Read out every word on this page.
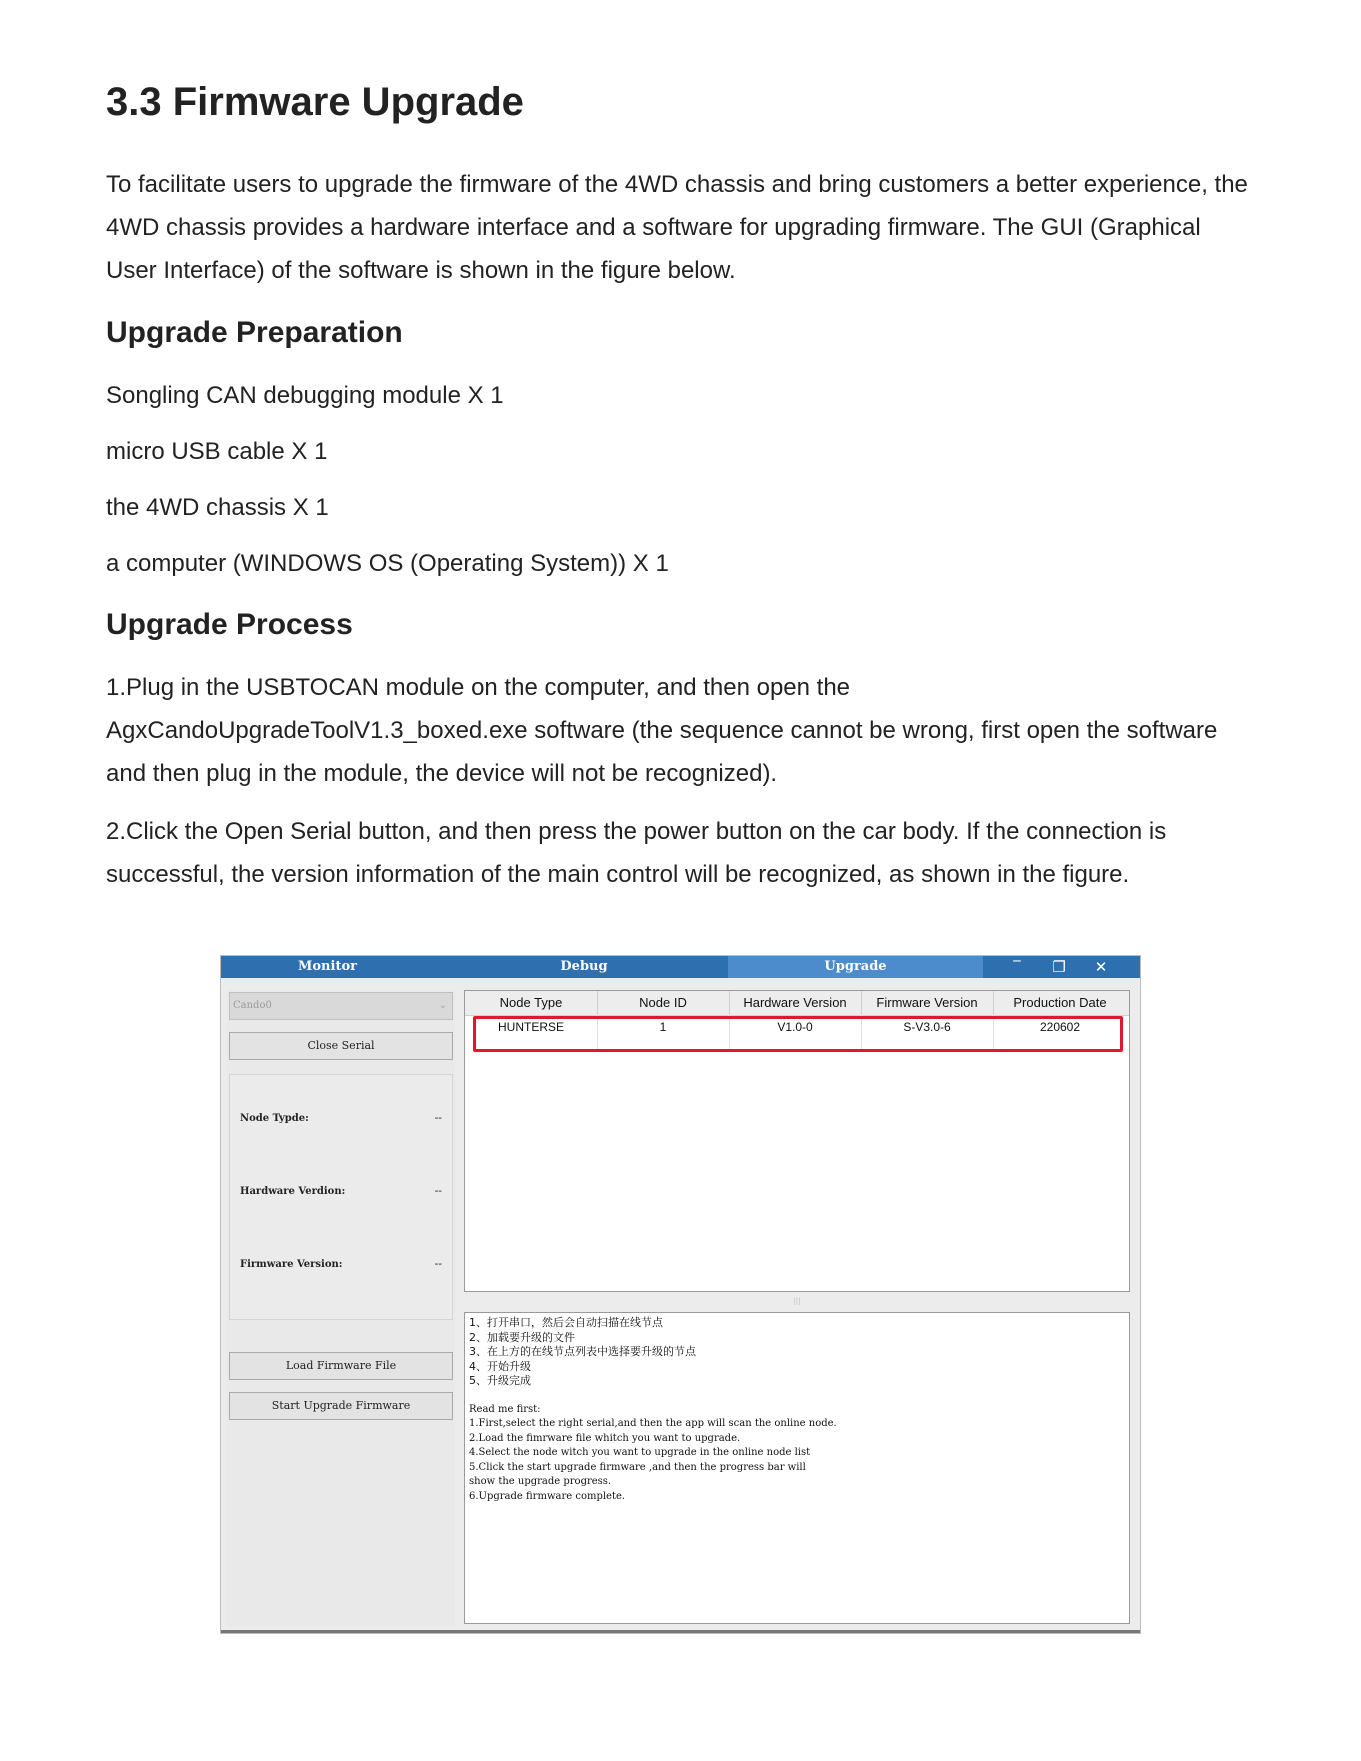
3.3 Firmware Upgrade

To facilitate users to upgrade the firmware of the 4WD chassis and bring customers a better experience, the 4WD chassis provides a hardware interface and a software for upgrading firmware. The GUI (Graphical User Interface) of the software is shown in the figure below.

Upgrade Preparation

Songling CAN debugging module X 1

micro USB cable X 1

the 4WD chassis X 1

a computer (WINDOWS OS (Operating System)) X 1

Upgrade Process

1.Plug in the USBTOCAN module on the computer, and then open the AgxCandoUpgradeToolV1.3_boxed.exe software (the sequence cannot be wrong, first open the software and then plug in the module, the device will not be recognized).

2.Click the Open Serial button, and then press the power button on the car body. If the connection is successful, the version information of the main control will be recognized, as shown in the figure.

Monitor	Debug	Upgrade	‾	❐	✕
Cando0	⌄
Close Serial
Node Typde:	--
Hardware Verdion:	--
Firmware Version:	--
Load Firmware File
Start Upgrade Firmware
Node Type	Node ID	Hardware Version	Firmware Version	Production Date
HUNTERSE	1	V1.0-0	S-V3.0-6	220602
|||
1、打开串口，然后会自动扫描在线节点
2、加载要升级的文件
3、在上方的在线节点列表中选择要升级的节点
4、开始升级
5、升级完成
Read me first:
1.First,select the right serial,and then the app will scan the online node.
2.Load the fimrware file whitch you want to upgrade.
4.Select the node witch you want to upgrade in the online node list
5.Click the start upgrade firmware ,and then the progress bar will
show the upgrade progress.
6.Upgrade firmware complete.
